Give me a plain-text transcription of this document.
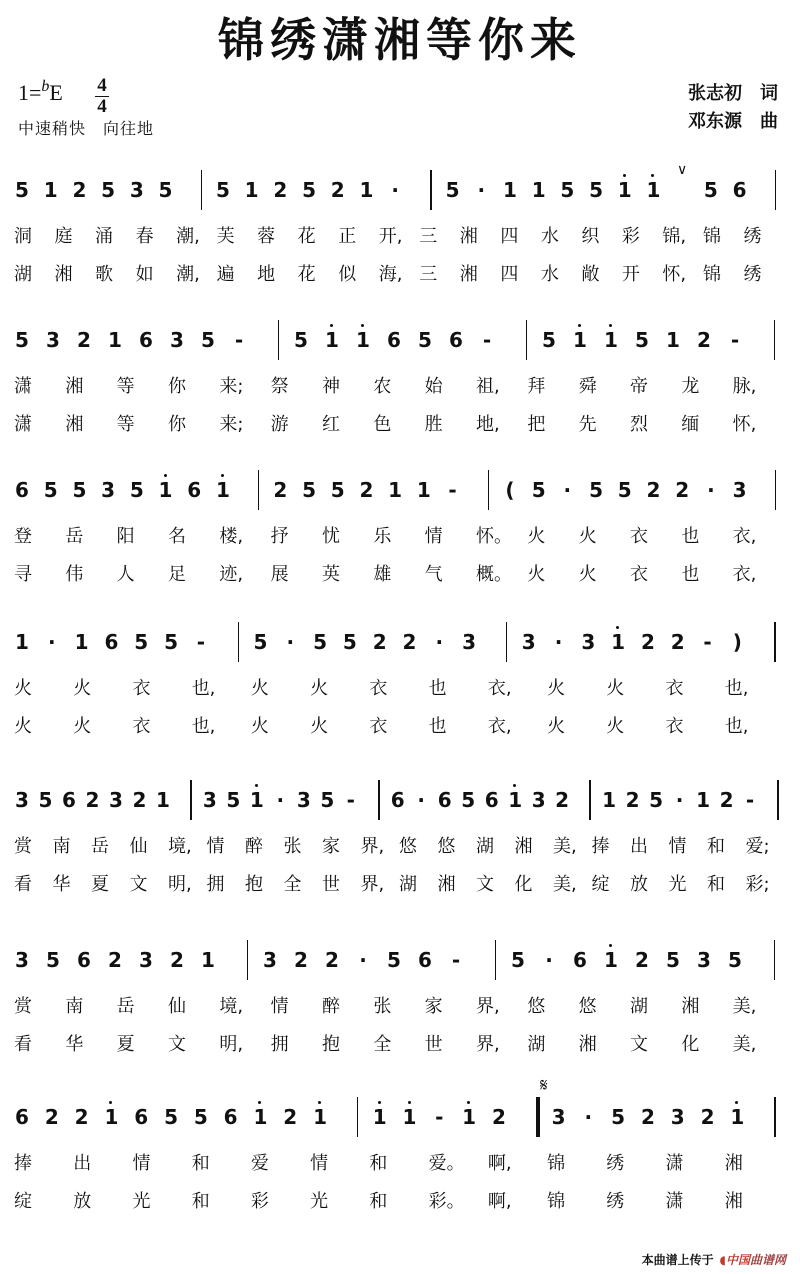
锦绣潇湘等你来
1=$^b$E 4
4
中速稍快　向往地
张志初　词
邓东源　曲
5 1 2 5 3 5 5 1 2 5 2 1 · 5 · 1 1 5 5 1 1
∨
5 6
洞 庭 涌 春 潮, 芙 蓉 花 正 开, 三 湘 四 水 织 彩 锦, 锦 绣
湖 湘 歌 如 潮, 遍 地 花 似 海, 三 湘 四 水 敞 开 怀, 锦 绣
5 3 2 1 6 3 5 -	5 1 1 6 5 6 -	5 1 1 5 1 2 -
潇 湘 等 你 来; 祭 神 农 始 祖, 拜 舜 帝 龙 脉,
潇 湘 等 你 来; 游 红 色 胜 地, 把 先 烈 缅 怀,
6 5 5 3 5 1 6 1 2 5 5 2 1 1 - ( 5 · 5 5 2 2 · 3
登 岳 阳 名 楼, 抒 忧 乐 情 怀。 火 火 衣 也 衣,
寻 伟 人 足 迹, 展 英 雄 气 概。 火 火 衣 也 衣,
1 · 1 6 5 5 - 5 · 5 5 2 2 · 3 3 · 3 1 2 2 - )
火 火 衣 也, 火 火 衣 也 衣, 火 火 衣 也,
火 火 衣 也, 火 火 衣 也 衣, 火 火 衣 也,
3 5 6 2 3 2 1 3 5 1 · 3 5 - 6 · 6 5 6 1 3 2 1 2 5 · 1 2 -
赏 南 岳 仙 境, 情 醉 张 家 界, 悠 悠 湖 湘 美, 捧 出 情 和 爱;
看 华 夏 文 明, 拥 抱 全 世 界, 湖 湘 文 化 美, 绽 放 光 和 彩;
3 5 6 2 3 2 1 3 2 2 · 5 6 -	5 · 6 1 2 5 3 5
赏 南 岳 仙 境, 情 醉 张 家 界, 悠 悠 湖 湘 美,
看 华 夏 文 明, 拥 抱 全 世 界, 湖 湘 文 化 美,
6 2 2 1 6 5 5 6 1 2 1 1 1 - 1 2 3 · 5 2 3 2 1
捧 出 情 和 爱 情 和 爱。 啊, 锦 绣 潇 湘
绽 放 光 和 彩 光 和 彩。 啊, 锦 绣 潇 湘
𝄋
本曲谱上传于 ◖中国曲谱网
